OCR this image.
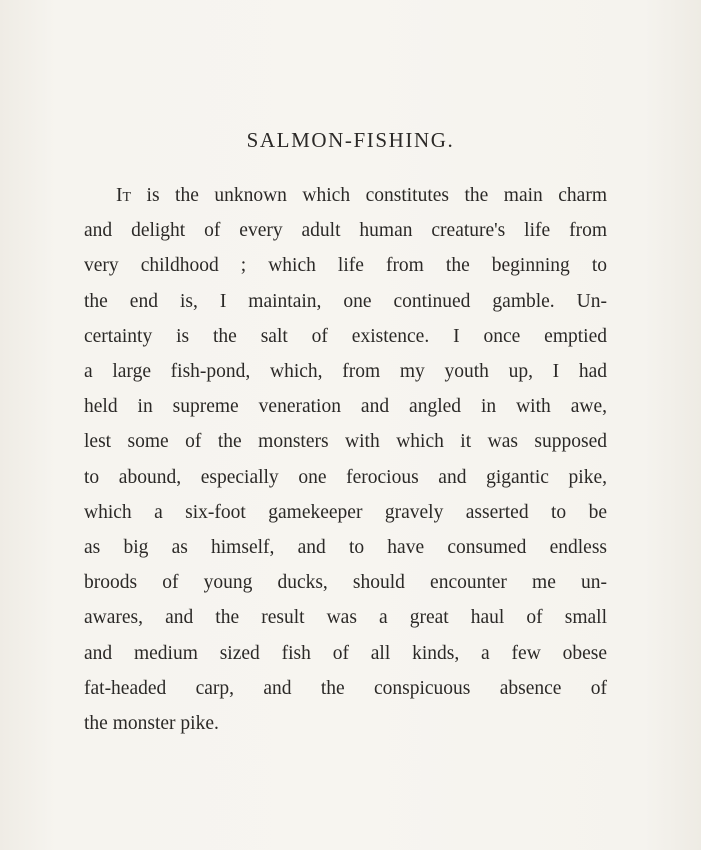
SALMON-FISHING.
It is the unknown which constitutes the main charm
and delight of every adult human creature's life from
very childhood ; which life from the beginning to
the end is, I maintain, one continued gamble. Un-
certainty is the salt of existence. I once emptied
a large fish-pond, which, from my youth up, I had
held in supreme veneration and angled in with awe,
lest some of the monsters with which it was supposed
to abound, especially one ferocious and gigantic pike,
which a six-foot gamekeeper gravely asserted to be
as big as himself, and to have consumed endless
broods of young ducks, should encounter me un-
awares, and the result was a great haul of small
and medium sized fish of all kinds, a few obese
fat-headed carp, and the conspicuous absence of
the monster pike.
